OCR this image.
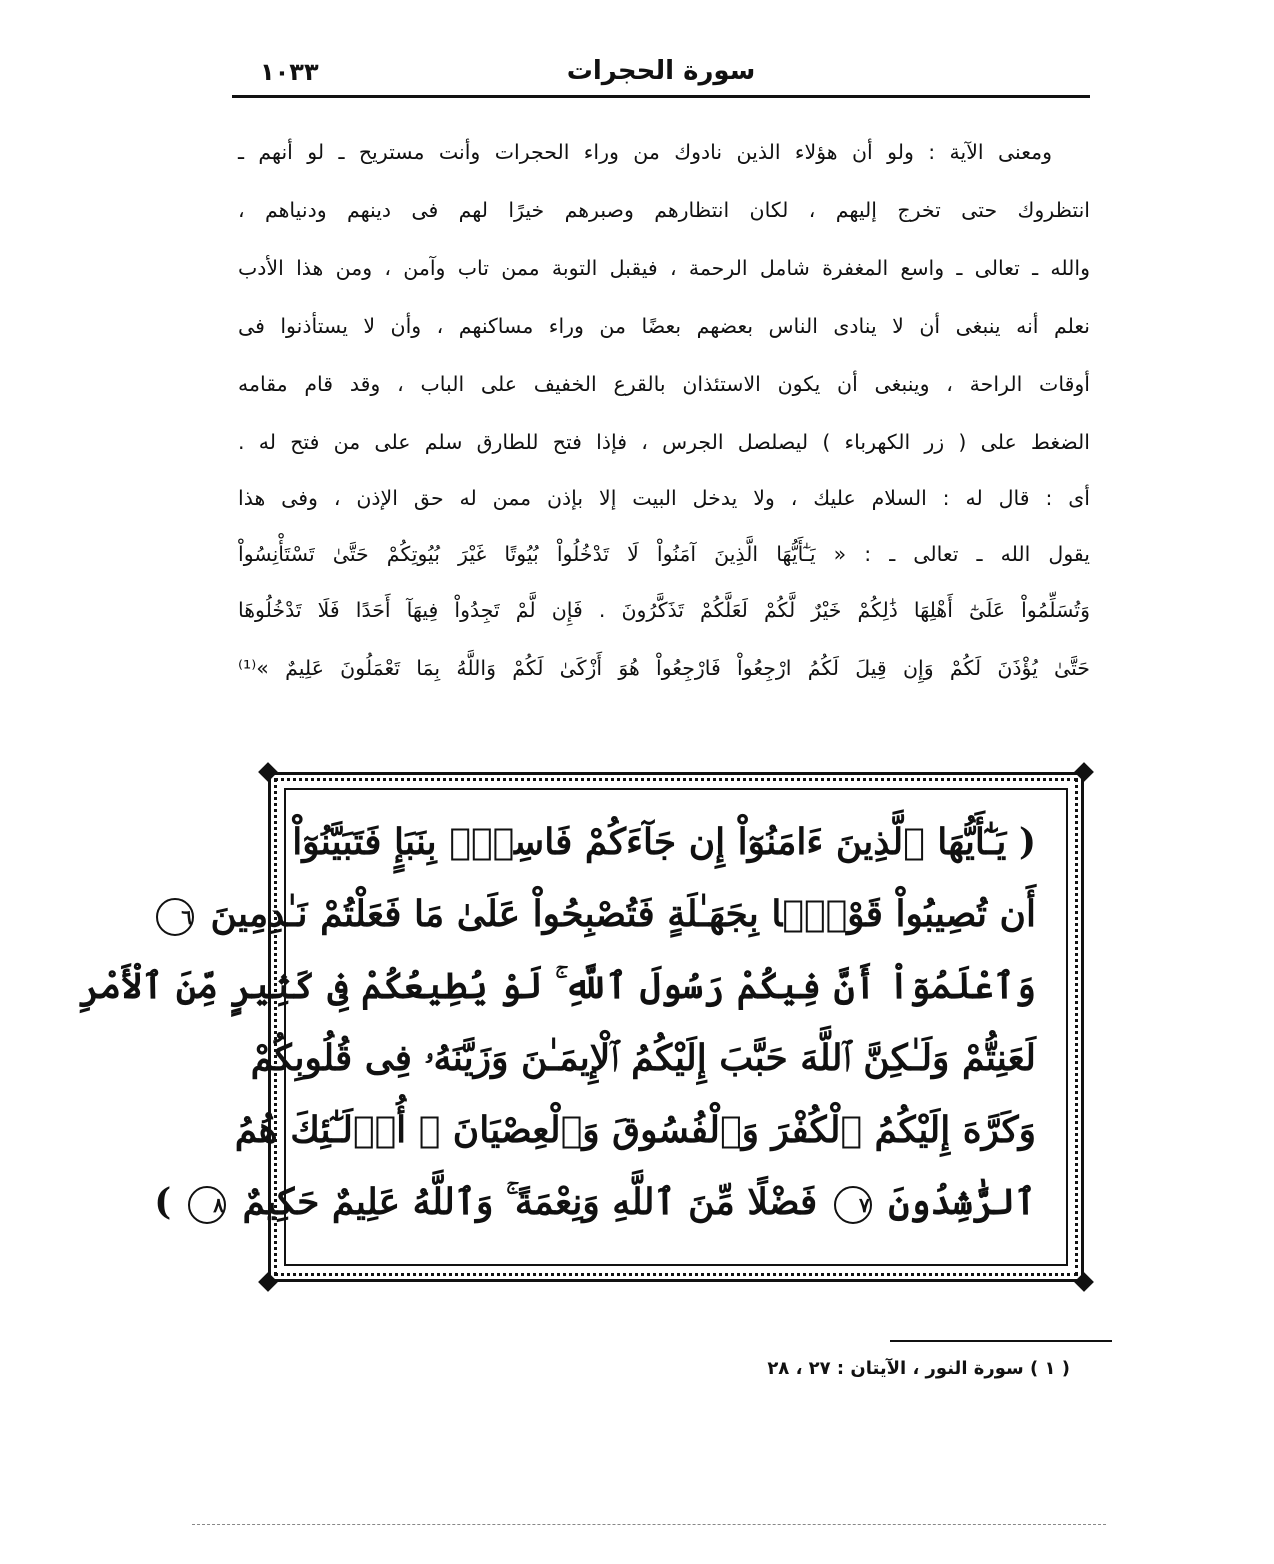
سورة الحجرات
١٠٣٣
ومعنى الآية : ولو أن هؤلاء الذين نادوك من وراء الحجرات وأنت مستريح ـ لو أنهم ـ
انتظروك حتى تخرج إليهم ، لكان انتظارهم وصبرهم خيرًا لهم فى دينهم ودنياهم ،
والله ـ تعالى ـ واسع المغفرة شامل الرحمة ، فيقبل التوبة ممن تاب وآمن ، ومن هذا الأدب
نعلم أنه ينبغى أن لا ينادى الناس بعضهم بعضًا من وراء مساكنهم ، وأن لا يستأذنوا فى
أوقات الراحة ، وينبغى أن يكون الاستئذان بالقرع الخفيف على الباب ، وقد قام مقامه
الضغط على ( زر الكهرباء ) ليصلصل الجرس ، فإذا فتح للطارق سلم على من فتح له .
أى : قال له : السلام عليك ، ولا يدخل البيت إلا بإذن ممن له حق الإذن ، وفى هذا
يقول الله ـ تعالى ـ : « يَـٰٓأَيُّهَا الَّذِينَ آمَنُواْ لَا تَدْخُلُواْ بُيُوتًا غَيْرَ بُيُوتِكُمْ حَتَّىٰ تَسْتَأْنِسُواْ
وَتُسَلِّمُواْ عَلَىٰٓ أَهْلِهَا ذَٰلِكُمْ خَيْرٌ لَّكُمْ لَعَلَّكُمْ تَذَكَّرُونَ . فَإِن لَّمْ تَجِدُواْ فِيهَآ أَحَدًا فَلَا تَدْخُلُوهَا
حَتَّىٰ يُؤْذَنَ لَكُمْ وَإِن قِيلَ لَكُمُ ارْجِعُواْ فَارْجِعُواْ هُوَ أَزْكَىٰ لَكُمْ وَاللَّهُ بِمَا تَعْمَلُونَ عَلِيمٌ »⁽¹⁾
( يَـٰٓأَيُّهَا ٱلَّذِينَ ءَامَنُوٓاْ إِن جَآءَكُمْ فَاسِقُۢ بِنَبَإٍ فَتَبَيَّنُوٓاْ
أَن تُصِيبُواْ قَوْمًۢا بِجَهَـٰلَةٍ فَتُصْبِحُواْ عَلَىٰ مَا فَعَلْتُمْ نَـٰدِمِينَ ٦
وَٱعْلَمُوٓاْ أَنَّ فِيكُمْ رَسُولَ ٱللَّهِ ۚ لَوْ يُطِيعُكُمْ فِى كَثِيرٍ مِّنَ ٱلْأَمْرِ
لَعَنِتُّمْ وَلَـٰكِنَّ ٱللَّهَ حَبَّبَ إِلَيْكُمُ ٱلْإِيمَـٰنَ وَزَيَّنَهُۥ فِى قُلُوبِكُمْ
وَكَرَّهَ إِلَيْكُمُ ٱلْكُفْرَ وَٱلْفُسُوقَ وَٱلْعِصْيَانَ ۚ أُو۟لَـٰٓئِكَ هُمُ
ٱلرَّٰشِدُونَ ٧ فَضْلًا مِّنَ ٱللَّهِ وَنِعْمَةً ۚ وَٱللَّهُ عَلِيمٌ حَكِيمٌ ٨ )
( ١ ) سورة النور ، الآيتان : ٢٧ ، ٢٨
